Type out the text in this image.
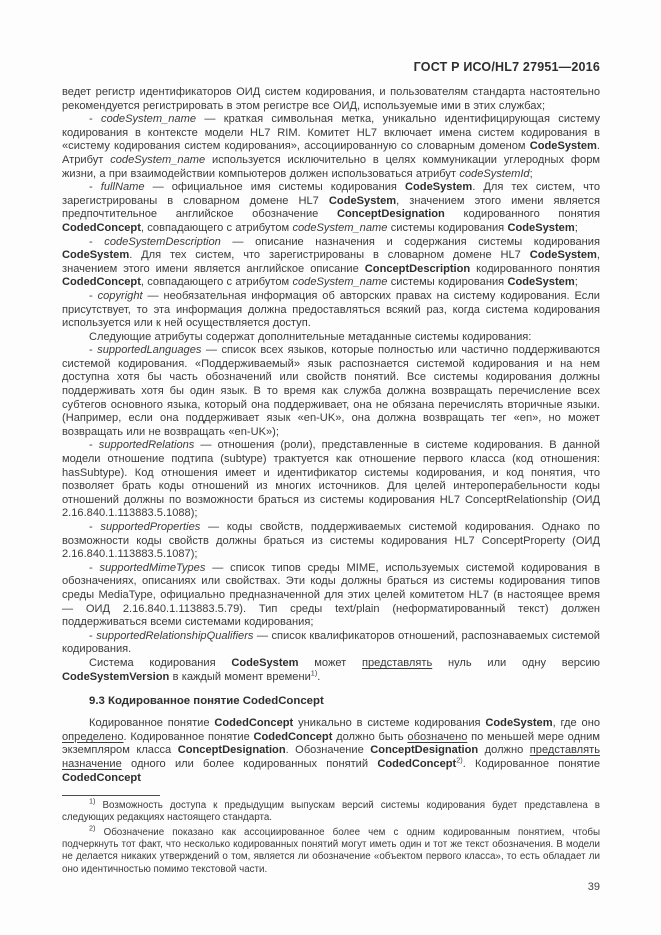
ГОСТ Р ИСО/HL7 27951—2016

ведет регистр идентификаторов ОИД систем кодирования, и пользователям стандарта настоятельно рекомендуется регистрировать в этом регистре все ОИД, используемые ими в этих службах;

- codeSystem_name — краткая символьная метка, уникально идентифицирующая систему кодирования в контексте модели HL7 RIM. Комитет HL7 включает имена систем кодирования в «систему кодирования систем кодирования», ассоциированную со словарным доменом CodeSystem. Атрибут codeSystem_name используется исключительно в целях коммуникации углеродных форм жизни, а при взаимодействии компьютеров должен использоваться атрибут codeSystemId;

- fullName — официальное имя системы кодирования CodeSystem. Для тех систем, что зарегистрированы в словарном домене HL7 CodeSystem, значением этого имени является предпочтительное английское обозначение ConceptDesignation кодированного понятия CodedConcept, совпадающего с атрибутом codeSystem_name системы кодирования CodeSystem;

- codeSystemDescription — описание назначения и содержания системы кодирования CodeSystem. Для тех систем, что зарегистрированы в словарном домене HL7 CodeSystem, значением этого имени является английское описание ConceptDescription кодированного понятия CodedConcept, совпадающего с атрибутом codeSystem_name системы кодирования CodeSystem;

- copyright — необязательная информация об авторских правах на систему кодирования. Если присутствует, то эта информация должна предоставляться всякий раз, когда система кодирования используется или к ней осуществляется доступ.

Следующие атрибуты содержат дополнительные метаданные системы кодирования:

- supportedLanguages — список всех языков, которые полностью или частично поддерживаются системой кодирования. «Поддерживаемый» язык распознается системой кодирования и на нем доступна хотя бы часть обозначений или свойств понятий. Все системы кодирования должны поддерживать хотя бы один язык. В то время как служба должна возвращать перечисление всех субтегов основного языка, который она поддерживает, она не обязана перечислять вторичные языки. (Например, если она поддерживает язык «en-UK», она должна возвращать тег «en», но может возвращать или не возвращать «en-UK»);

- supportedRelations — отношения (роли), представленные в системе кодирования. В данной модели отношение подтипа (subtype) трактуется как отношение первого класса (код отношения: hasSubtype). Код отношения имеет и идентификатор системы кодирования, и код понятия, что позволяет брать коды отношений из многих источников. Для целей интероперабельности коды отношений должны по возможности браться из системы кодирования HL7 ConceptRelationship (ОИД 2.16.840.1.113883.5.1088);

- supportedProperties — коды свойств, поддерживаемых системой кодирования. Однако по возможности коды свойств должны браться из системы кодирования HL7 ConceptProperty (ОИД 2.16.840.1.113883.5.1087);

- supportedMimeTypes — список типов среды MIME, используемых системой кодирования в обозначениях, описаниях или свойствах. Эти коды должны браться из системы кодирования типов среды MediaType, официально предназначенной для этих целей комитетом HL7 (в настоящее время — ОИД 2.16.840.1.113883.5.79). Тип среды text/plain (неформатированный текст) должен поддерживаться всеми системами кодирования;

- supportedRelationshipQualifiers — список квалификаторов отношений, распознаваемых системой кодирования.

Система кодирования CodeSystem может представлять нуль или одну версию CodeSystemVersion в каждый момент времени$^{1)}$.

9.3 Кодированное понятие CodedConcept

Кодированное понятие CodedConcept уникально в системе кодирования CodeSystem, где оно определено. Кодированное понятие CodedConcept должно быть обозначено по меньшей мере одним экземпляром класса ConceptDesignation. Обозначение ConceptDesignation должно представлять назначение одного или более кодированных понятий CodedConcept$^{2)}$. Кодированное понятие CodedConcept

$^{1)}$ Возможность доступа к предыдущим выпускам версий системы кодирования будет представлена в следующих редакциях настоящего стандарта.

$^{2)}$ Обозначение показано как ассоциированное более чем с одним кодированным понятием, чтобы подчеркнуть тот факт, что несколько кодированных понятий могут иметь один и тот же текст обозначения. В модели не делается никаких утверждений о том, является ли обозначение «объектом первого класса», то есть обладает ли оно идентичностью помимо текстовой части.

39
